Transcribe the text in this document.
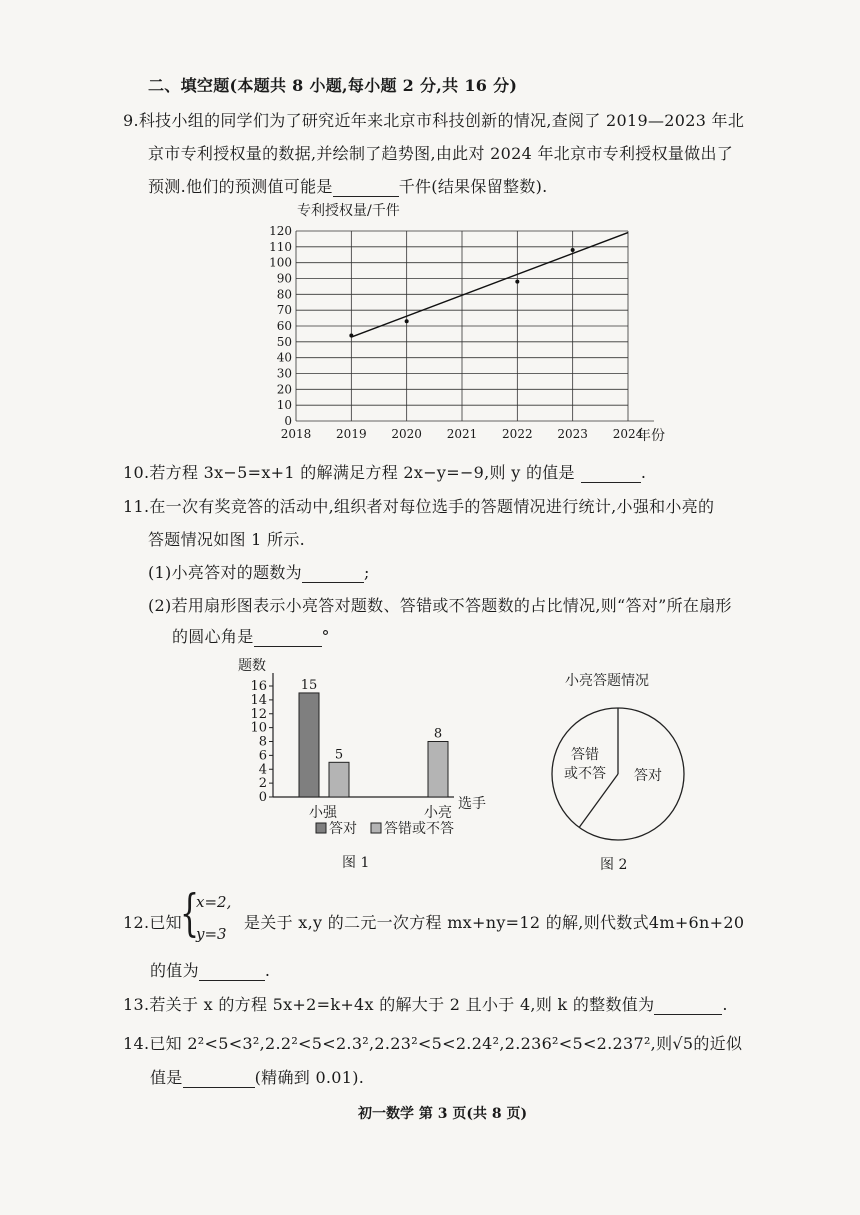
二、填空题(本题共 8 小题,每小题 2 分,共 16 分)
9.科技小组的同学们为了研究近年来北京市科技创新的情况,查阅了 2019—2023 年北
京市专利授权量的数据,并绘制了趋势图,由此对 2024 年北京市专利授权量做出了
预测.他们的预测值可能是	千件(结果保留整数).
专利授权量/千件
0
10
20
30
40
50
60
70
80
90
100
110
120
2018 2019 2020 2021 2022 2023 2024
年份
10.若方程 3x−5=x+1 的解满足方程 2x−y=−9,则 y 的值是	.
11.在一次有奖竞答的活动中,组织者对每位选手的答题情况进行统计,小强和小亮的
答题情况如图 1 所示.
(1)小亮答对的题数为	;
(2)若用扇形图表示小亮答对题数、答错或不答题数的占比情况,则“答对”所在扇形
的圆心角是	°
题数
0
2
4
6
8
10
12
14
16	15
5
8
小强	小亮
选手
答对 答错或不答
图 1
小亮答题情况
答对
答错
或不答
图 2
12.已知
{
x=2,
y=3
是关于 x,y 的二元一次方程 mx+ny=12 的解,则代数式4m+6n+20
的值为	.
13.若关于 x 的方程 5x+2=k+4x 的解大于 2 且小于 4,则 k 的整数值为	.
14.已知 2²<5<3²,2.2²<5<2.3²,2.23²<5<2.24²,2.236²<5<2.237²,则√5的近似
值是	(精确到 0.01).
初一数学 第 3 页(共 8 页)
